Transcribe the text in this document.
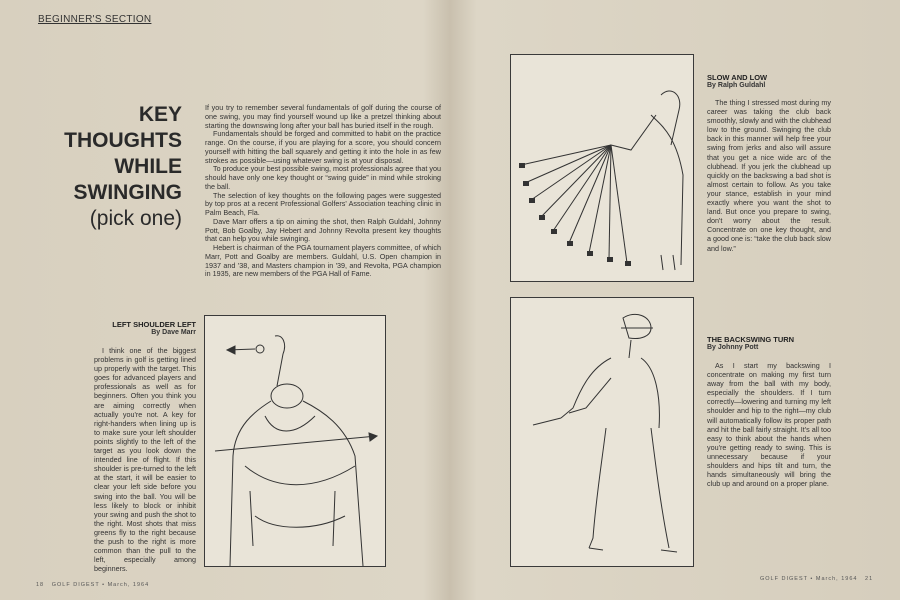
BEGINNER'S SECTION
KEY
THOUGHTS
WHILE
SWINGING
(pick one)

If you try to remember several fundamentals of golf during the course of one swing, you may find yourself wound up like a pretzel thinking about starting the downswing long after your ball has buried itself in the rough.

Fundamentals should be forged and committed to habit on the practice range. On the course, if you are playing for a score, you should concern yourself with hitting the ball squarely and getting it into the hole in as few strokes as possible—using whatever swing is at your disposal.

To produce your best possible swing, most professionals agree that you should have only one key thought or “swing guide” in mind while stroking the ball.

The selection of key thoughts on the following pages were suggested by top pros at a recent Professional Golfers' Association teaching clinic in Palm Beach, Fla.

Dave Marr offers a tip on aiming the shot, then Ralph Guldahl, Johnny Pott, Bob Goalby, Jay Hebert and Johnny Revolta present key thoughts that can help you while swinging.

Hebert is chairman of the PGA tournament players committee, of which Marr, Pott and Goalby are members. Guldahl, U.S. Open champion in 1937 and '38, and Masters champion in '39, and Revolta, PGA champion in 1935, are new members of the PGA Hall of Fame.

LEFT SHOULDER LEFT
By Dave Marr

I think one of the biggest problems in golf is getting lined up properly with the target. This goes for advanced players and professionals as well as for beginners. Often you think you are aiming correctly when actually you're not. A key for right-handers when lining up is to make sure your left shoulder points slightly to the left of the target as you look down the intended line of flight. If this shoulder is pre-turned to the left at the start, it will be easier to clear your left side before you swing into the ball. You will be less likely to block or inhibit your swing and push the shot to the right. Most shots that miss greens fly to the right because the push to the right is more common than the pull to the left, especially among beginners.

SLOW AND LOW
By Ralph Guldahl

The thing I stressed most during my career was taking the club back smoothly, slowly and with the clubhead low to the ground. Swinging the club back in this manner will help free your swing from jerks and also will assure that you get a nice wide arc of the clubhead. If you jerk the clubhead up quickly on the backswing a bad shot is almost certain to follow. As you take your stance, establish in your mind exactly where you want the shot to land. But once you prepare to swing, don't worry about the result. Concentrate on one key thought, and a good one is: “take the club back slow and low.”

THE BACKSWING TURN
By Johnny Pott

As I start my backswing I concentrate on making my first turn away from the ball with my body, especially the shoulders. If I turn correctly—lowering and turning my left shoulder and hip to the right—my club will automatically follow its proper path and hit the ball fairly straight. It's all too easy to think about the hands when you're getting ready to swing. This is unnecessary because if your shoulders and hips tilt and turn, the hands simultaneously will bring the club up and around on a proper plane.

18 GOLF DIGEST • March, 1964
GOLF DIGEST • March, 1964 21
